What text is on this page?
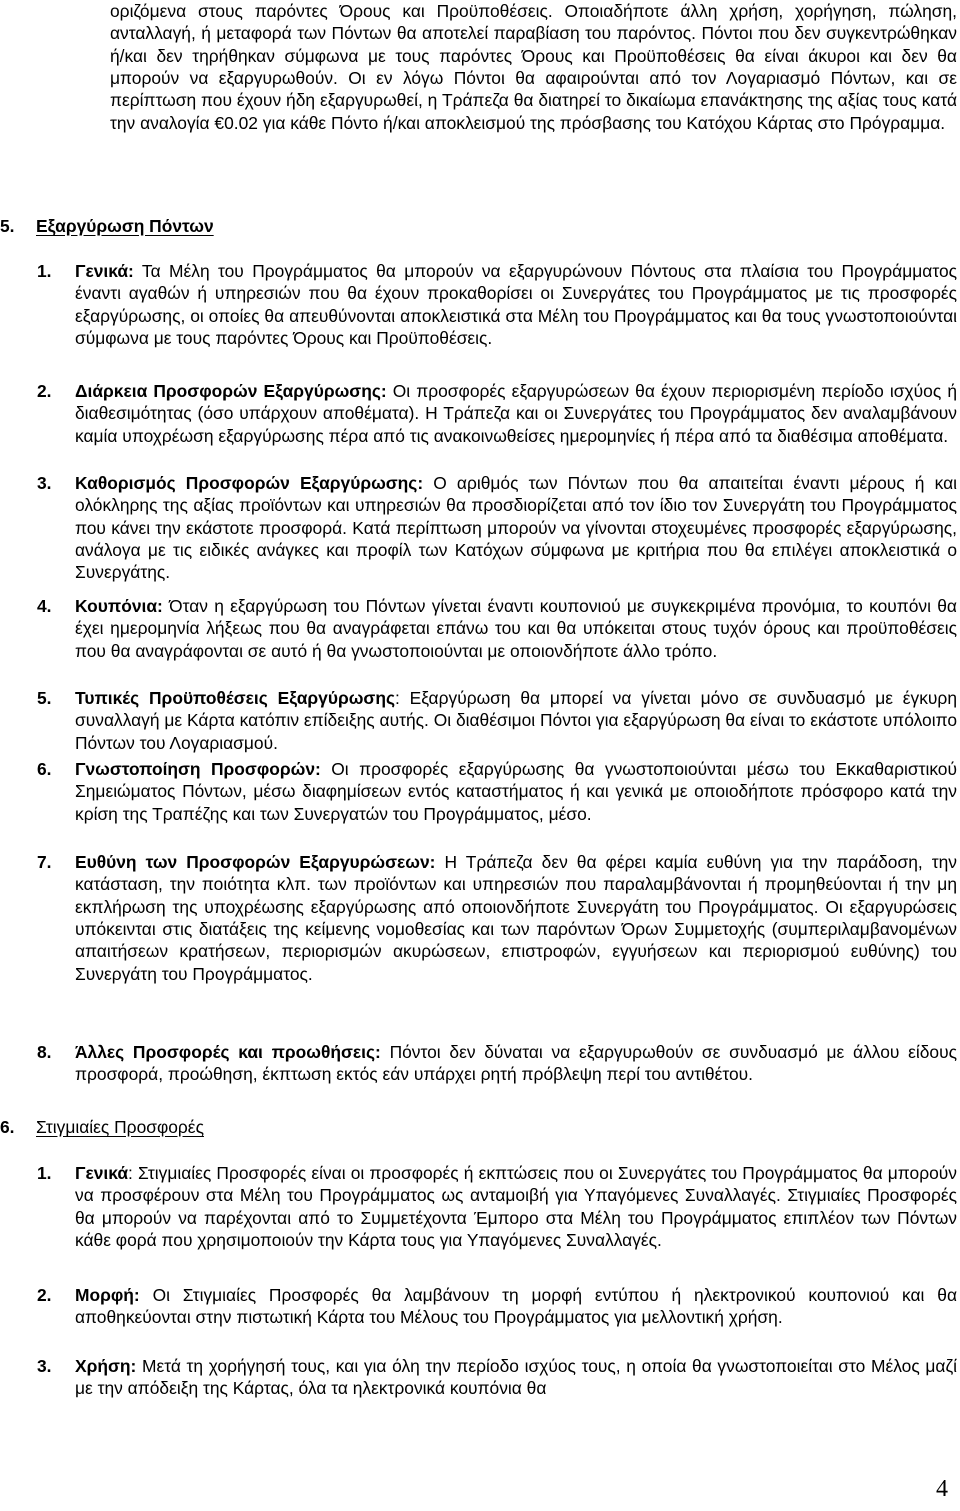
οριζόμενα στους παρόντες Όρους και Προϋποθέσεις. Οποιαδήποτε άλλη χρήση, χορήγηση, πώληση, ανταλλαγή, ή μεταφορά των Πόντων θα αποτελεί παραβίαση του παρόντος. Πόντοι που δεν συγκεντρώθηκαν ή/και δεν τηρήθηκαν σύμφωνα με τους παρόντες Όρους και Προϋποθέσεις θα είναι άκυροι και δεν θα μπορούν να εξαργυρωθούν. Οι εν λόγω Πόντοι θα αφαιρούνται από τον Λογαριασμό Πόντων, και σε περίπτωση που έχουν ήδη εξαργυρωθεί, η Τράπεζα θα διατηρεί το δικαίωμα επανάκτησης της αξίας τους κατά την αναλογία €0.02 για κάθε Πόντο ή/και αποκλεισμού της πρόσβασης του Κατόχου Κάρτας στο Πρόγραμμα.
5. Εξαργύρωση Πόντων
1. Γενικά: Τα Μέλη του Προγράμματος θα μπορούν να εξαργυρώνουν Πόντους στα πλαίσια του Προγράμματος έναντι αγαθών ή υπηρεσιών που θα έχουν προκαθορίσει οι Συνεργάτες του Προγράμματος με τις προσφορές εξαργύρωσης, οι οποίες θα απευθύνονται αποκλειστικά στα Μέλη του Προγράμματος και θα τους γνωστοποιούνται σύμφωνα με τους παρόντες Όρους και Προϋποθέσεις.
2. Διάρκεια Προσφορών Εξαργύρωσης: Οι προσφορές εξαργυρώσεων θα έχουν περιορισμένη περίοδο ισχύος ή διαθεσιμότητας (όσο υπάρχουν αποθέματα). Η Τράπεζα και οι Συνεργάτες του Προγράμματος δεν αναλαμβάνουν καμία υποχρέωση εξαργύρωσης πέρα από τις ανακοινωθείσες ημερομηνίες ή πέρα από τα διαθέσιμα αποθέματα.
3. Καθορισμός Προσφορών Εξαργύρωσης: Ο αριθμός των Πόντων που θα απαιτείται έναντι μέρους ή και ολόκληρης της αξίας προϊόντων και υπηρεσιών θα προσδιορίζεται από τον ίδιο τον Συνεργάτη του Προγράμματος που κάνει την εκάστοτε προσφορά. Κατά περίπτωση μπορούν να γίνονται στοχευμένες προσφορές εξαργύρωσης, ανάλογα με τις ειδικές ανάγκες και προφίλ των Κατόχων σύμφωνα με κριτήρια που θα επιλέγει αποκλειστικά ο Συνεργάτης.
4. Κουπόνια: Όταν η εξαργύρωση του Πόντων γίνεται έναντι κουπονιού με συγκεκριμένα προνόμια, το κουπόνι θα έχει ημερομηνία λήξεως που θα αναγράφεται επάνω του και θα υπόκειται στους τυχόν όρους και προϋποθέσεις που θα αναγράφονται σε αυτό ή θα γνωστοποιούνται με οποιονδήποτε άλλο τρόπο.
5. Τυπικές Προϋποθέσεις Εξαργύρωσης: Εξαργύρωση θα μπορεί να γίνεται μόνο σε συνδυασμό με έγκυρη συναλλαγή με Κάρτα κατόπιν επίδειξης αυτής. Οι διαθέσιμοι Πόντοι για εξαργύρωση θα είναι το εκάστοτε υπόλοιπο Πόντων του Λογαριασμού.
6. Γνωστοποίηση Προσφορών: Οι προσφορές εξαργύρωσης θα γνωστοποιούνται μέσω του Εκκαθαριστικού Σημειώματος Πόντων, μέσω διαφημίσεων εντός καταστήματος ή και γενικά με οποιοδήποτε πρόσφορο κατά την κρίση της Τραπέζης και των Συνεργατών του Προγράμματος, μέσο.
7. Ευθύνη των Προσφορών Εξαργυρώσεων: Η Τράπεζα δεν θα φέρει καμία ευθύνη για την παράδοση, την κατάσταση, την ποιότητα κλπ. των προϊόντων και υπηρεσιών που παραλαμβάνονται ή προμηθεύονται ή την μη εκπλήρωση της υποχρέωσης εξαργύρωσης από οποιονδήποτε Συνεργάτη του Προγράμματος. Οι εξαργυρώσεις υπόκεινται στις διατάξεις της κείμενης νομοθεσίας και των παρόντων Όρων Συμμετοχής (συμπεριλαμβανομένων απαιτήσεων κρατήσεων, περιορισμών ακυρώσεων, επιστροφών, εγγυήσεων και περιορισμού ευθύνης) του Συνεργάτη του Προγράμματος.
8. Άλλες Προσφορές και προωθήσεις: Πόντοι δεν δύναται να εξαργυρωθούν σε συνδυασμό με άλλου είδους προσφορά, προώθηση, έκπτωση εκτός εάν υπάρχει ρητή πρόβλεψη περί του αντιθέτου.
6. Στιγμιαίες Προσφορές
1. Γενικά: Στιγμιαίες Προσφορές είναι οι προσφορές ή εκπτώσεις που οι Συνεργάτες του Προγράμματος θα μπορούν να προσφέρουν στα Μέλη του Προγράμματος ως ανταμοιβή για Υπαγόμενες Συναλλαγές. Στιγμιαίες Προσφορές θα μπορούν να παρέχονται από το Συμμετέχοντα Έμπορο στα Μέλη του Προγράμματος επιπλέον των Πόντων κάθε φορά που χρησιμοποιούν την Κάρτα τους για Υπαγόμενες Συναλλαγές.
2. Μορφή: Οι Στιγμιαίες Προσφορές θα λαμβάνουν τη μορφή εντύπου ή ηλεκτρονικού κουπονιού και θα αποθηκεύονται στην πιστωτική Κάρτα του Μέλους του Προγράμματος για μελλοντική χρήση.
3. Χρήση: Μετά τη χορήγησή τους, και για όλη την περίοδο ισχύος τους, η οποία θα γνωστοποιείται στο Μέλος μαζί με την απόδειξη της Κάρτας, όλα τα ηλεκτρονικά κουπόνια θα
4
